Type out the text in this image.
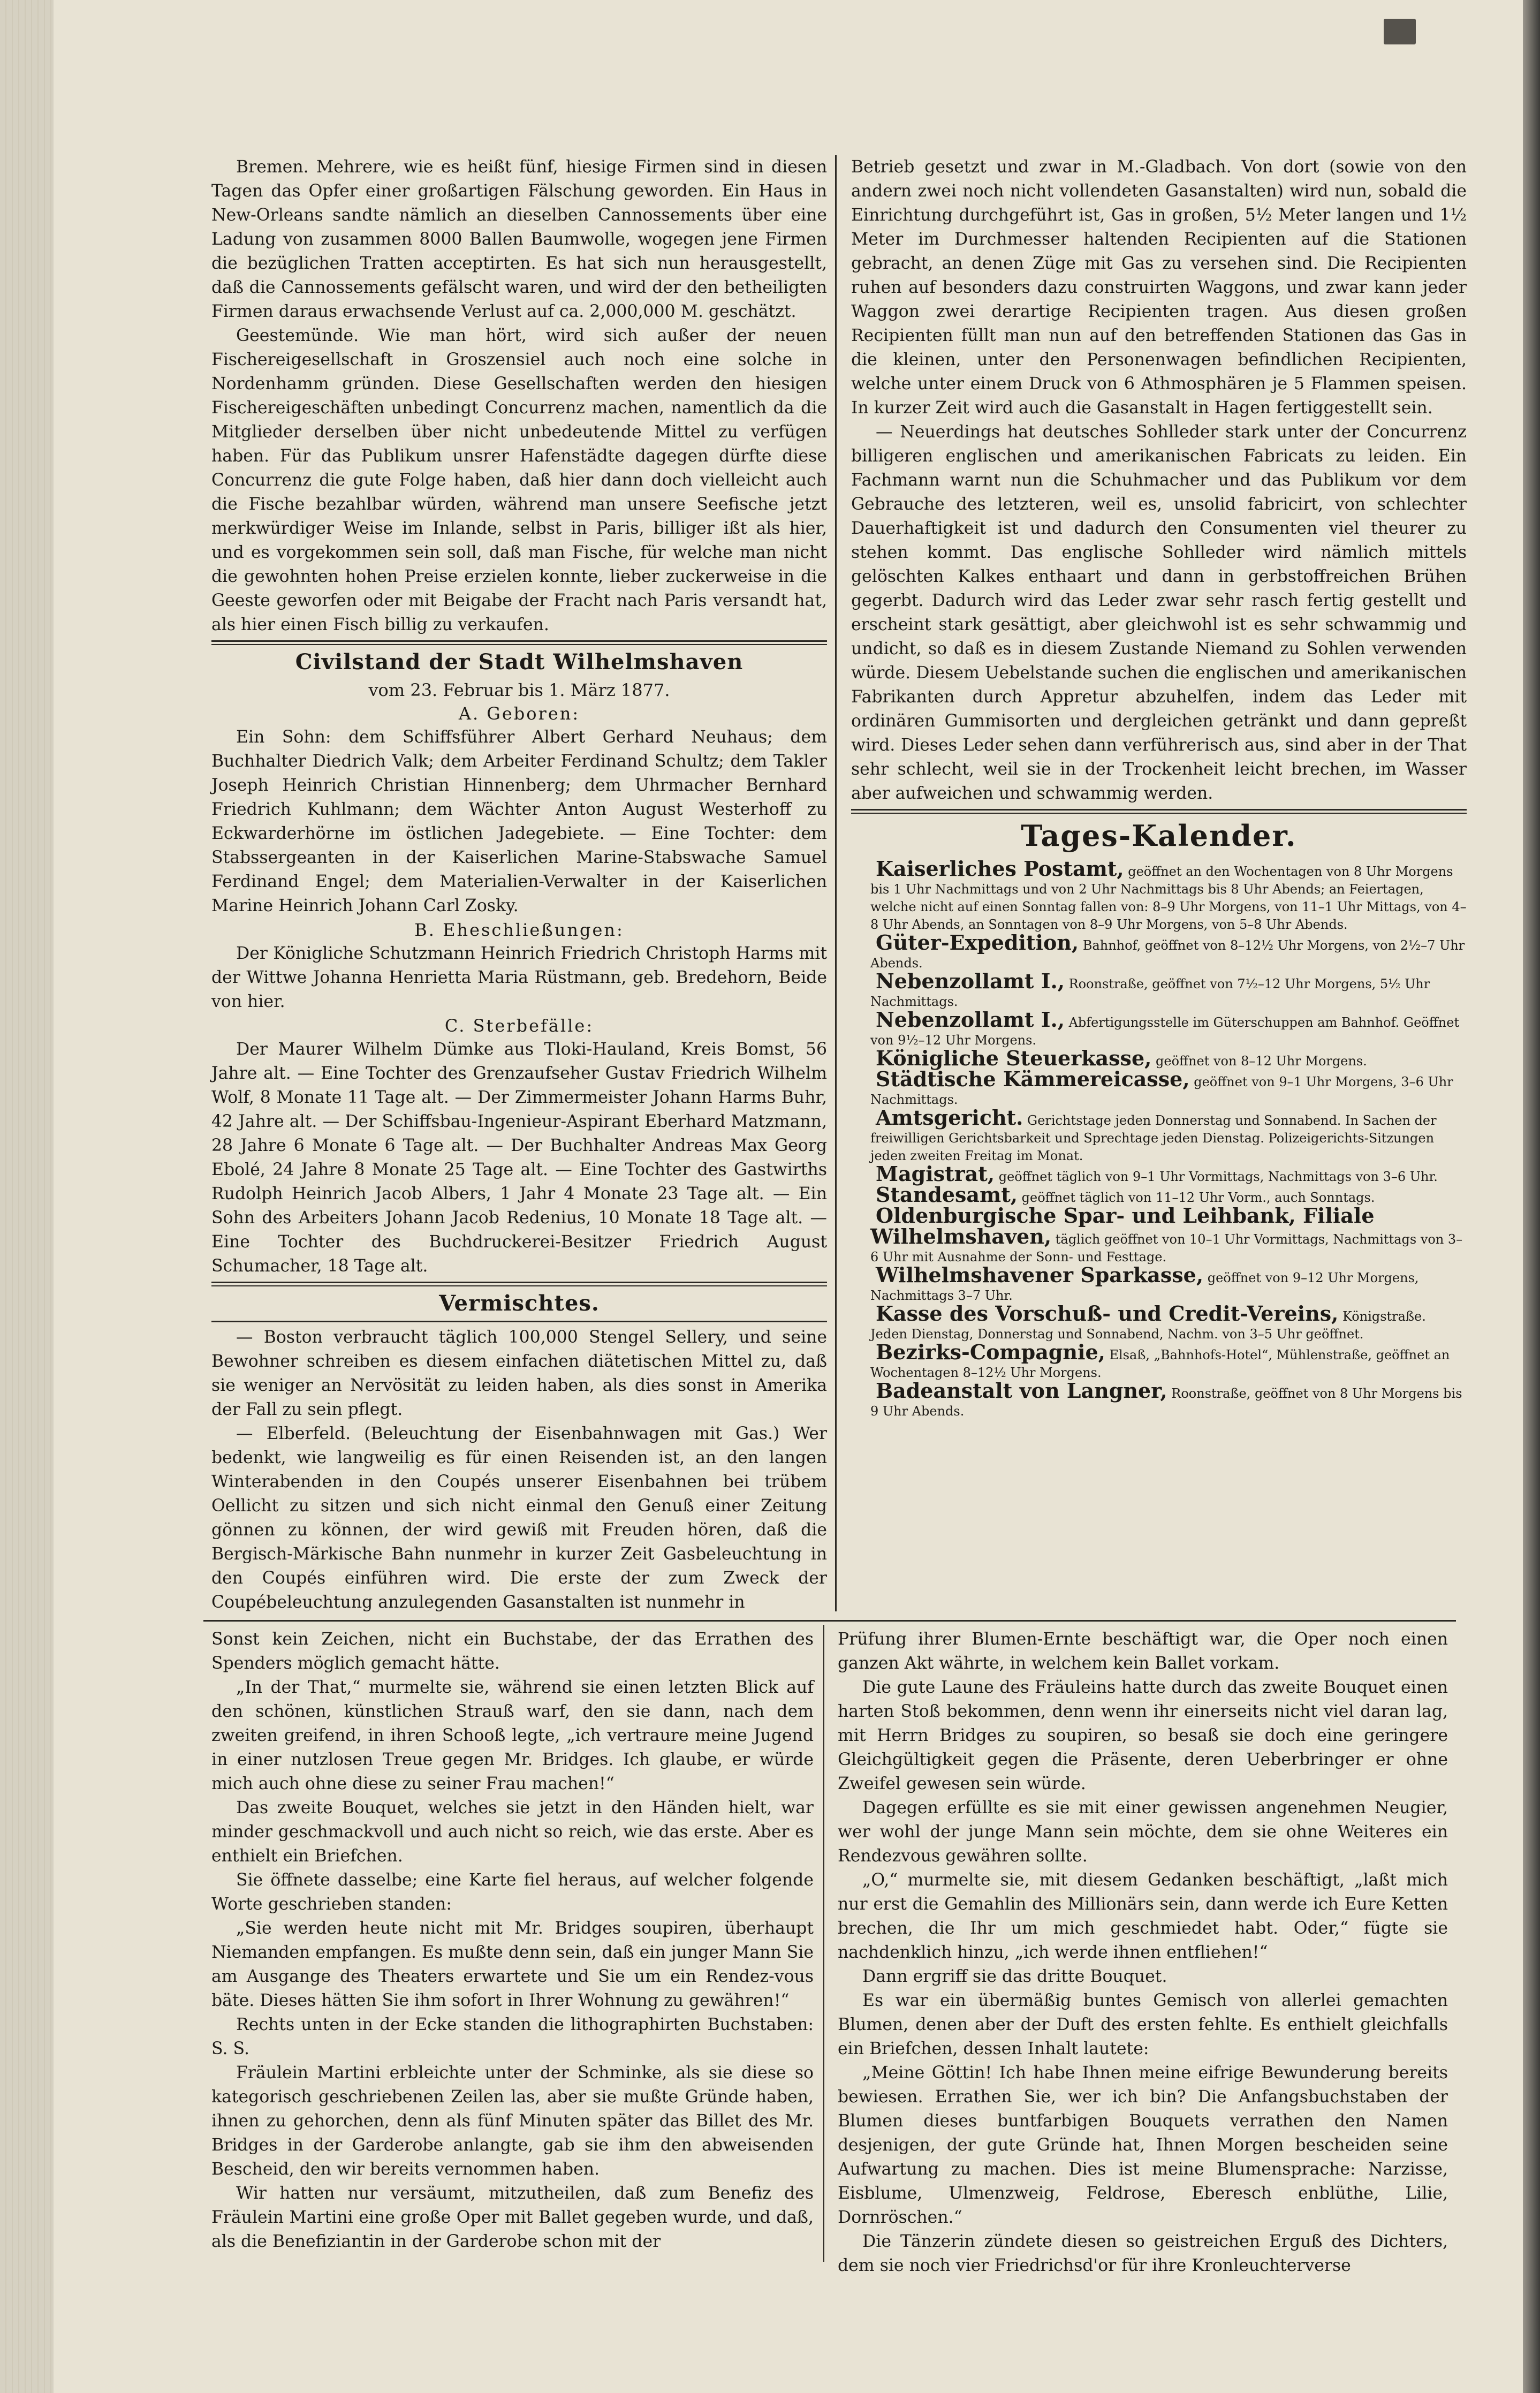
Bremen. Mehrere, wie es heißt fünf, hiesige Firmen sind in diesen Tagen das Opfer einer großartigen Fälschung geworden. Ein Haus in New-Orleans sandte nämlich an dieselben Cannossements über eine Ladung von zusammen 8000 Ballen Baumwolle, wogegen jene Firmen die bezüglichen Tratten acceptirten. Es hat sich nun herausgestellt, daß die Cannossements gefälscht waren, und wird der den betheiligten Firmen daraus erwachsende Verlust auf ca. 2,000,000 M. geschätzt.

Geestemünde. Wie man hört, wird sich außer der neuen Fischereigesellschaft in Groszensiel auch noch eine solche in Nordenhamm gründen. Diese Gesellschaften werden den hiesigen Fischereigeschäften unbedingt Concurrenz machen, namentlich da die Mitglieder derselben über nicht unbedeutende Mittel zu verfügen haben. Für das Publikum unsrer Hafenstädte dagegen dürfte diese Concurrenz die gute Folge haben, daß hier dann doch vielleicht auch die Fische bezahlbar würden, während man unsere Seefische jetzt merkwürdiger Weise im Inlande, selbst in Paris, billiger ißt als hier, und es vorgekommen sein soll, daß man Fische, für welche man nicht die gewohnten hohen Preise erzielen konnte, lieber zuckerweise in die Geeste geworfen oder mit Beigabe der Fracht nach Paris versandt hat, als hier einen Fisch billig zu verkaufen.

Civilstand der Stadt Wilhelmshaven
vom 23. Februar bis 1. März 1877.
A. Geboren:

Ein Sohn: dem Schiffsführer Albert Gerhard Neuhaus; dem Buchhalter Diedrich Valk; dem Arbeiter Ferdinand Schultz; dem Takler Joseph Heinrich Christian Hinnenberg; dem Uhrmacher Bernhard Friedrich Kuhlmann; dem Wächter Anton August Westerhoff zu Eckwarderhörne im östlichen Jadegebiete. — Eine Tochter: dem Stabssergeanten in der Kaiserlichen Marine-Stabswache Samuel Ferdinand Engel; dem Materialien-Verwalter in der Kaiserlichen Marine Heinrich Johann Carl Zosky.

B. Eheschließungen:

Der Königliche Schutzmann Heinrich Friedrich Christoph Harms mit der Wittwe Johanna Henrietta Maria Rüstmann, geb. Bredehorn, Beide von hier.

C. Sterbefälle:

Der Maurer Wilhelm Dümke aus Tloki-Hauland, Kreis Bomst, 56 Jahre alt. — Eine Tochter des Grenzaufseher Gustav Friedrich Wilhelm Wolf, 8 Monate 11 Tage alt. — Der Zimmermeister Johann Harms Buhr, 42 Jahre alt. — Der Schiffsbau-Ingenieur-Aspirant Eberhard Matzmann, 28 Jahre 6 Monate 6 Tage alt. — Der Buchhalter Andreas Max Georg Ebolé, 24 Jahre 8 Monate 25 Tage alt. — Eine Tochter des Gastwirths Rudolph Heinrich Jacob Albers, 1 Jahr 4 Monate 23 Tage alt. — Ein Sohn des Arbeiters Johann Jacob Redenius, 10 Monate 18 Tage alt. — Eine Tochter des Buchdruckerei-Besitzer Friedrich August Schumacher, 18 Tage alt.

Vermischtes.

— Boston verbraucht täglich 100,000 Stengel Sellery, und seine Bewohner schreiben es diesem einfachen diätetischen Mittel zu, daß sie weniger an Nervösität zu leiden haben, als dies sonst in Amerika der Fall zu sein pflegt.

— Elberfeld. (Beleuchtung der Eisenbahnwagen mit Gas.) Wer bedenkt, wie langweilig es für einen Reisenden ist, an den langen Winterabenden in den Coupés unserer Eisenbahnen bei trübem Oellicht zu sitzen und sich nicht einmal den Genuß einer Zeitung gönnen zu können, der wird gewiß mit Freuden hören, daß die Bergisch-Märkische Bahn nunmehr in kurzer Zeit Gasbeleuchtung in den Coupés einführen wird. Die erste der zum Zweck der Coupébeleuchtung anzulegenden Gasanstalten ist nunmehr in

Betrieb gesetzt und zwar in M.-Gladbach. Von dort (sowie von den andern zwei noch nicht vollendeten Gasanstalten) wird nun, sobald die Einrichtung durchgeführt ist, Gas in großen, 5½ Meter langen und 1½ Meter im Durchmesser haltenden Recipienten auf die Stationen gebracht, an denen Züge mit Gas zu versehen sind. Die Recipienten ruhen auf besonders dazu construirten Waggons, und zwar kann jeder Waggon zwei derartige Recipienten tragen. Aus diesen großen Recipienten füllt man nun auf den betreffenden Stationen das Gas in die kleinen, unter den Personenwagen befindlichen Recipienten, welche unter einem Druck von 6 Athmosphären je 5 Flammen speisen. In kurzer Zeit wird auch die Gasanstalt in Hagen fertiggestellt sein.

— Neuerdings hat deutsches Sohlleder stark unter der Concurrenz billigeren englischen und amerikanischen Fabricats zu leiden. Ein Fachmann warnt nun die Schuhmacher und das Publikum vor dem Gebrauche des letzteren, weil es, unsolid fabricirt, von schlechter Dauerhaftigkeit ist und dadurch den Consumenten viel theurer zu stehen kommt. Das englische Sohlleder wird nämlich mittels gelöschten Kalkes enthaart und dann in gerbstoffreichen Brühen gegerbt. Dadurch wird das Leder zwar sehr rasch fertig gestellt und erscheint stark gesättigt, aber gleichwohl ist es sehr schwammig und undicht, so daß es in diesem Zustande Niemand zu Sohlen verwenden würde. Diesem Uebelstande suchen die englischen und amerikanischen Fabrikanten durch Appretur abzuhelfen, indem das Leder mit ordinären Gummisorten und dergleichen getränkt und dann gepreßt wird. Dieses Leder sehen dann verführerisch aus, sind aber in der That sehr schlecht, weil sie in der Trockenheit leicht brechen, im Wasser aber aufweichen und schwammig werden.

Tages-Kalender.

Kaiserliches Postamt, geöffnet an den Wochentagen von 8 Uhr Morgens bis 1 Uhr Nachmittags und von 2 Uhr Nachmittags bis 8 Uhr Abends; an Feiertagen, welche nicht auf einen Sonntag fallen von: 8–9 Uhr Morgens, von 11–1 Uhr Mittags, von 4–8 Uhr Abends, an Sonntagen von 8–9 Uhr Morgens, von 5–8 Uhr Abends.

Güter-Expedition, Bahnhof, geöffnet von 8–12½ Uhr Morgens, von 2½–7 Uhr Abends.

Nebenzollamt I., Roonstraße, geöffnet von 7½–12 Uhr Morgens, 5½ Uhr Nachmittags.

Nebenzollamt I., Abfertigungsstelle im Güterschuppen am Bahnhof. Geöffnet von 9½–12 Uhr Morgens.

Königliche Steuerkasse, geöffnet von 8–12 Uhr Morgens.

Städtische Kämmereicasse, geöffnet von 9–1 Uhr Morgens, 3–6 Uhr Nachmittags.

Amtsgericht. Gerichtstage jeden Donnerstag und Sonnabend. In Sachen der freiwilligen Gerichtsbarkeit und Sprechtage jeden Dienstag. Polizeigerichts-Sitzungen jeden zweiten Freitag im Monat.

Magistrat, geöffnet täglich von 9–1 Uhr Vormittags, Nachmittags von 3–6 Uhr.

Standesamt, geöffnet täglich von 11–12 Uhr Vorm., auch Sonntags.

Oldenburgische Spar- und Leihbank, Filiale Wilhelmshaven, täglich geöffnet von 10–1 Uhr Vormittags, Nachmittags von 3–6 Uhr mit Ausnahme der Sonn- und Festtage.

Wilhelmshavener Sparkasse, geöffnet von 9–12 Uhr Morgens, Nachmittags 3–7 Uhr.

Kasse des Vorschuß- und Credit-Vereins, Königstraße. Jeden Dienstag, Donnerstag und Sonnabend, Nachm. von 3–5 Uhr geöffnet.

Bezirks-Compagnie, Elsaß, „Bahnhofs-Hotel“, Mühlenstraße, geöffnet an Wochentagen 8–12½ Uhr Morgens.

Badeanstalt von Langner, Roonstraße, geöffnet von 8 Uhr Morgens bis 9 Uhr Abends.

Sonst kein Zeichen, nicht ein Buchstabe, der das Errathen des Spenders möglich gemacht hätte.

„In der That,“ murmelte sie, während sie einen letzten Blick auf den schönen, künstlichen Strauß warf, den sie dann, nach dem zweiten greifend, in ihren Schooß legte, „ich vertraure meine Jugend in einer nutzlosen Treue gegen Mr. Bridges. Ich glaube, er würde mich auch ohne diese zu seiner Frau machen!“

Das zweite Bouquet, welches sie jetzt in den Händen hielt, war minder geschmackvoll und auch nicht so reich, wie das erste. Aber es enthielt ein Briefchen.

Sie öffnete dasselbe; eine Karte fiel heraus, auf welcher folgende Worte geschrieben standen:

„Sie werden heute nicht mit Mr. Bridges soupiren, überhaupt Niemanden empfangen. Es mußte denn sein, daß ein junger Mann Sie am Ausgange des Theaters erwartete und Sie um ein Rendez-vous bäte. Dieses hätten Sie ihm sofort in Ihrer Wohnung zu gewähren!“

Rechts unten in der Ecke standen die lithographirten Buchstaben: S. S.

Fräulein Martini erbleichte unter der Schminke, als sie diese so kategorisch geschriebenen Zeilen las, aber sie mußte Gründe haben, ihnen zu gehorchen, denn als fünf Minuten später das Billet des Mr. Bridges in der Garderobe anlangte, gab sie ihm den abweisenden Bescheid, den wir bereits vernommen haben.

Wir hatten nur versäumt, mitzutheilen, daß zum Benefiz des Fräulein Martini eine große Oper mit Ballet gegeben wurde, und daß, als die Benefiziantin in der Garderobe schon mit der

Prüfung ihrer Blumen-Ernte beschäftigt war, die Oper noch einen ganzen Akt währte, in welchem kein Ballet vorkam.

Die gute Laune des Fräuleins hatte durch das zweite Bouquet einen harten Stoß bekommen, denn wenn ihr einerseits nicht viel daran lag, mit Herrn Bridges zu soupiren, so besaß sie doch eine geringere Gleichgültigkeit gegen die Präsente, deren Ueberbringer er ohne Zweifel gewesen sein würde.

Dagegen erfüllte es sie mit einer gewissen angenehmen Neugier, wer wohl der junge Mann sein möchte, dem sie ohne Weiteres ein Rendezvous gewähren sollte.

„O,“ murmelte sie, mit diesem Gedanken beschäftigt, „laßt mich nur erst die Gemahlin des Millionärs sein, dann werde ich Eure Ketten brechen, die Ihr um mich geschmiedet habt. Oder,“ fügte sie nachdenklich hinzu, „ich werde ihnen entfliehen!“

Dann ergriff sie das dritte Bouquet.

Es war ein übermäßig buntes Gemisch von allerlei gemachten Blumen, denen aber der Duft des ersten fehlte. Es enthielt gleichfalls ein Briefchen, dessen Inhalt lautete:

„Meine Göttin! Ich habe Ihnen meine eifrige Bewunderung bereits bewiesen. Errathen Sie, wer ich bin? Die Anfangsbuchstaben der Blumen dieses buntfarbigen Bouquets verrathen den Namen desjenigen, der gute Gründe hat, Ihnen Morgen bescheiden seine Aufwartung zu machen. Dies ist meine Blumensprache: Narzisse, Eisblume, Ulmenzweig, Feldrose, Eberesch enblüthe, Lilie, Dornröschen.“

Die Tänzerin zündete diesen so geistreichen Erguß des Dichters, dem sie noch vier Friedrichsd'or für ihre Kronleuchterverse
